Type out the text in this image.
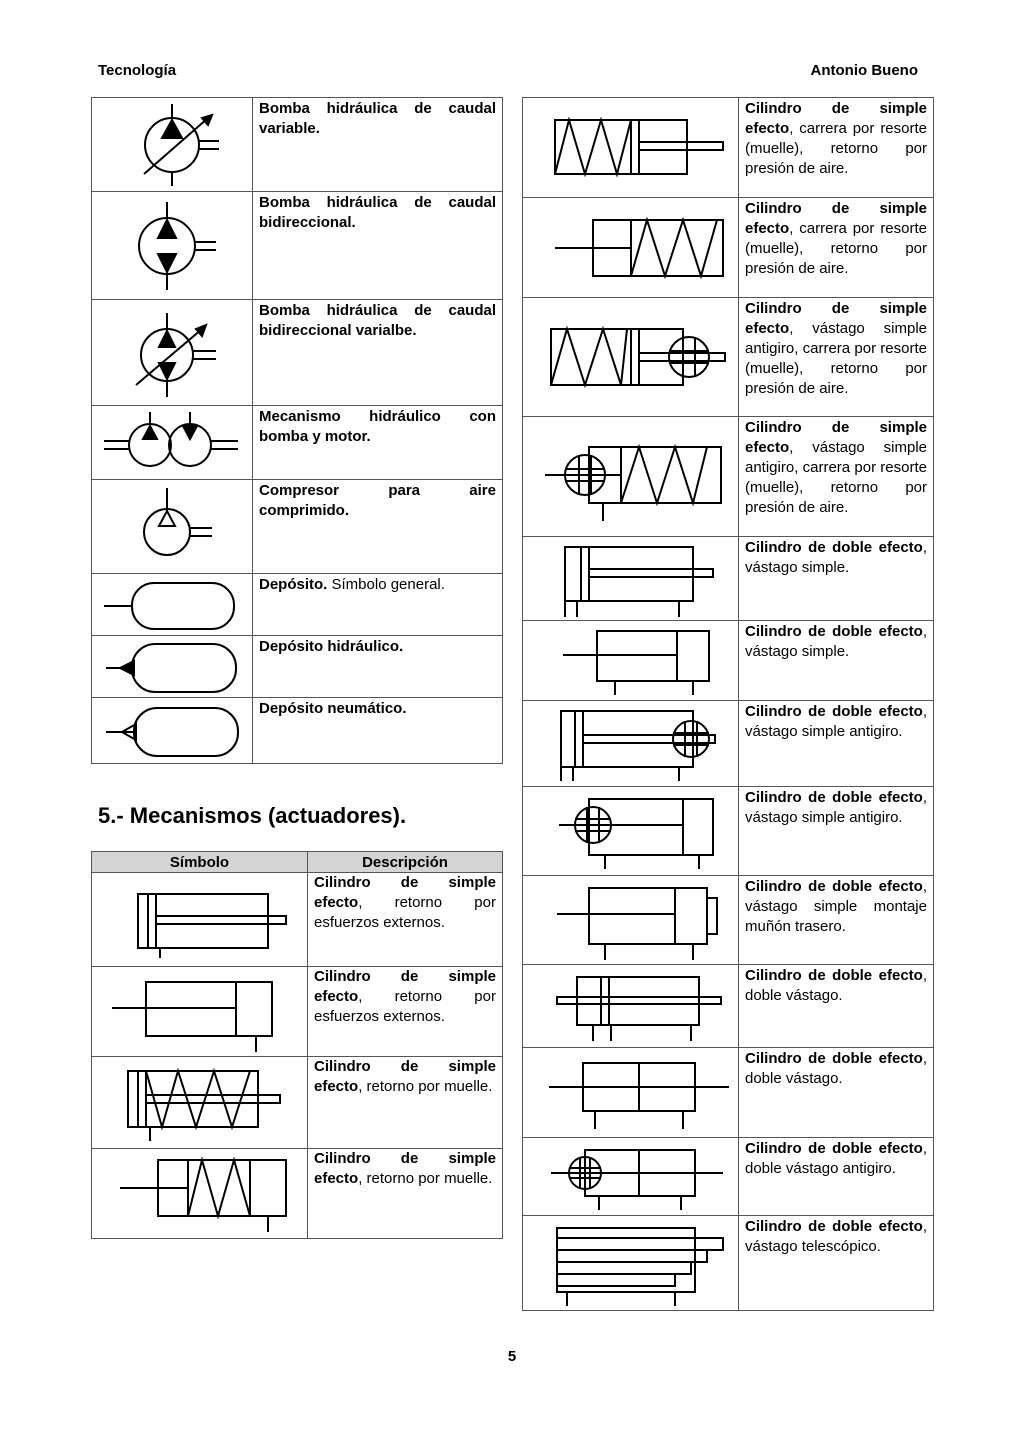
Tecnología	Antonio Bueno
	Bomba hidráulica de caudal variable.

	Bomba hidráulica de caudal bidireccional.

	Bomba hidráulica de caudal bidireccional varialbe.

	Mecanismo hidráulico con bomba y motor.

	Compresor para aire comprimido.

	Depósito. Símbolo general.

	Depósito hidráulico.

	Depósito neumático.
5.- Mecanismos (actuadores).
Símbolo	Descripción

	Cilindro de simple efecto, retorno por esfuerzos externos.

	Cilindro de simple efecto, retorno por esfuerzos externos.

	Cilindro de simple efecto, retorno por muelle.

	Cilindro de simple efecto, retorno por muelle.
	Cilindro de simple efecto, carrera por resorte (muelle), retorno por presión de aire.

	Cilindro de simple efecto, carrera por resorte (muelle), retorno por presión de aire.

	Cilindro de simple efecto, vástago simple antigiro, carrera por resorte (muelle), retorno por presión de aire.

	Cilindro de simple efecto, vástago simple antigiro, carrera por resorte (muelle), retorno por presión de aire.

	Cilindro de doble efecto, vástago simple.

	Cilindro de doble efecto, vástago simple.

	Cilindro de doble efecto, vástago simple antigiro.

	Cilindro de doble efecto, vástago simple antigiro.

	Cilindro de doble efecto, vástago simple montaje muñón trasero.

	Cilindro de doble efecto, doble vástago.

	Cilindro de doble efecto, doble vástago.

	Cilindro de doble efecto, doble vástago antigiro.

	Cilindro de doble efecto, vástago telescópico.
5
